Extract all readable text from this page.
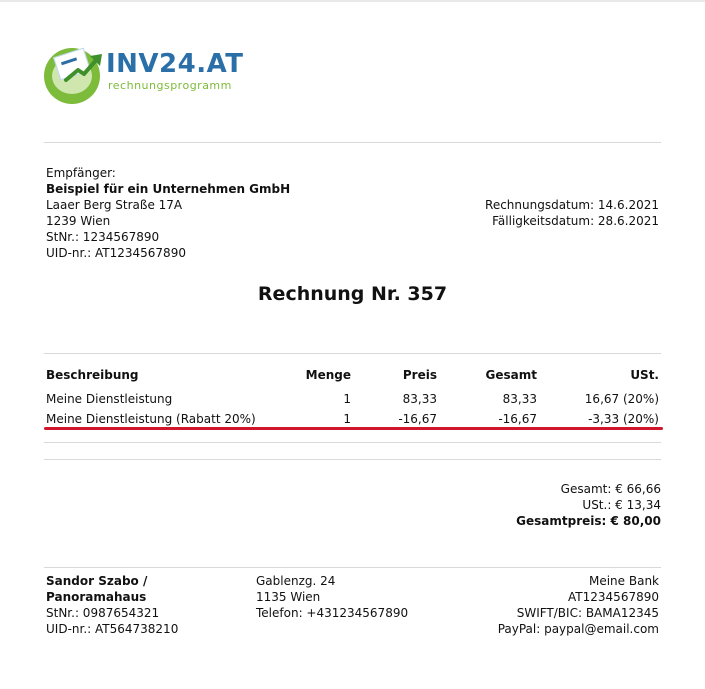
INV24.AT
rechnungsprogramm
Empfänger:
Beispiel für ein Unternehmen GmbH
Laaer Berg Straße 17A
1239 Wien
StNr.: 1234567890
UID-nr.: AT1234567890
Rechnungsdatum: 14.6.2021
Fälligkeitsdatum: 28.6.2021
Rechnung Nr. 357
Beschreibung	Menge	Preis	Gesamt	USt.
Meine Dienstleistung	1	83,33	83,33	16,67 (20%)
Meine Dienstleistung (Rabatt 20%)	1	-16,67	-16,67	-3,33 (20%)
Gesamt: € 66,66
USt.: € 13,34
Gesamtpreis: € 80,00
Sandor Szabo /
Panoramahaus
StNr.: 0987654321
UID-nr.: AT564738210
Gablenzg. 24
1135 Wien
Telefon: +431234567890
Meine Bank
AT1234567890
SWIFT/BIC: BAMA12345
PayPal: paypal@email.com
